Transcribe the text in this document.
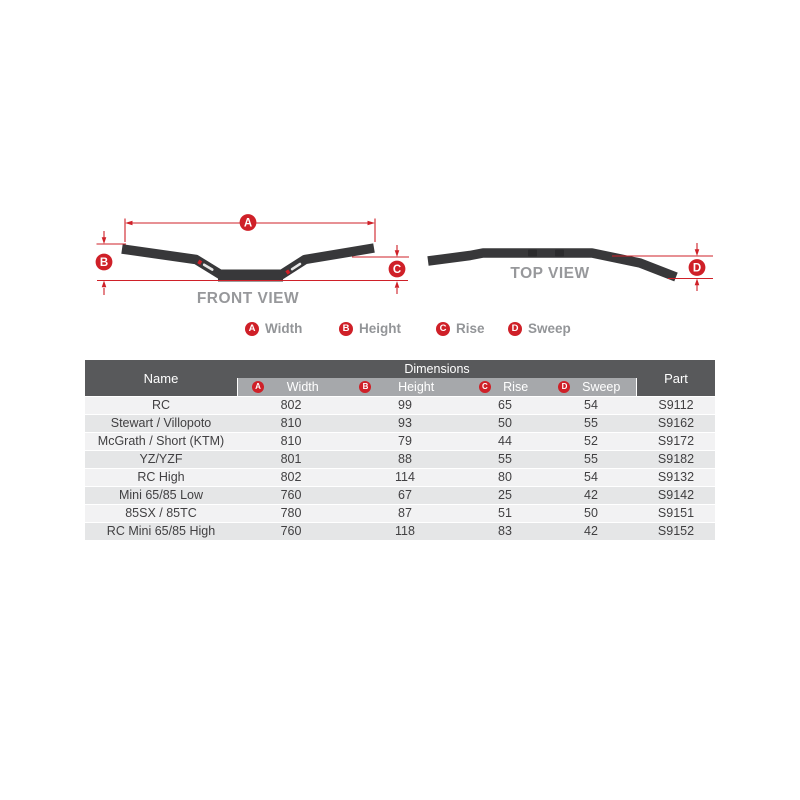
A
B
C	D
FRONT VIEW
TOP VIEW
A Width	B Height	C Rise	D Sweep
Name
Dimensions
A	Width	B	Height	C	Rise	D	Sweep
Part
RC	802	99	65	54	S9112
Stewart / Villopoto	810	93	50	55	S9162
McGrath / Short (KTM)	810	79	44	52	S9172
YZ/YZF	801	88	55	55	S9182
RC High	802	114	80	54	S9132
Mini 65/85 Low	760	67	25	42	S9142
85SX / 85TC	780	87	51	50	S9151
RC Mini 65/85 High	760	118	83	42	S9152
